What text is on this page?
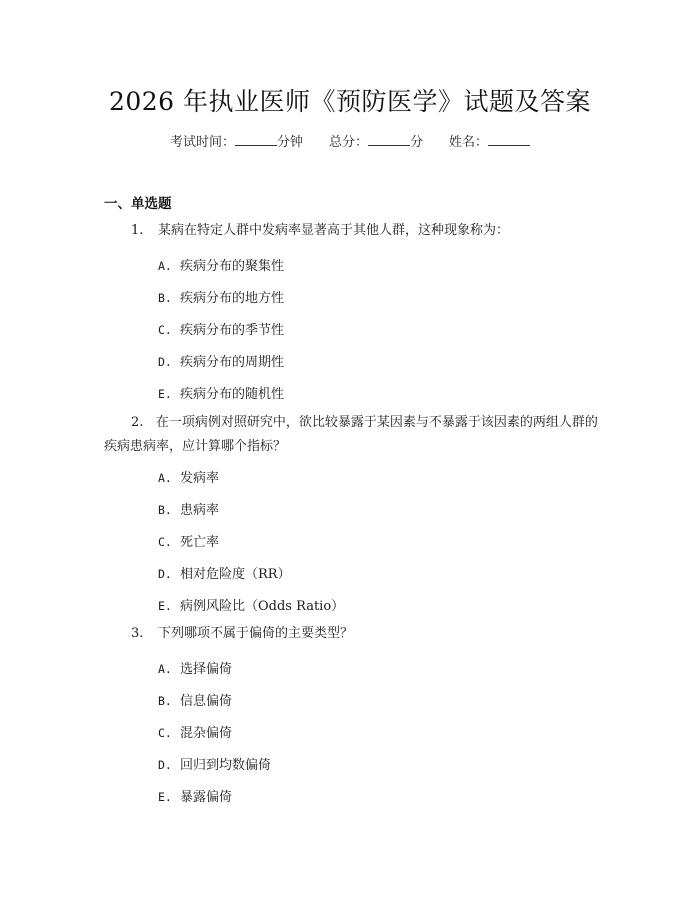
2026 年执业医师《预防医学》试题及答案
考试时间：	分钟 总分：	分 姓名：
一、单选题
1. 某病在特定人群中发病率显著高于其他人群，这种现象称为：
A. 疾病分布的聚集性
B. 疾病分布的地方性
C. 疾病分布的季节性
D. 疾病分布的周期性
E. 疾病分布的随机性
2. 在一项病例对照研究中，欲比较暴露于某因素与不暴露于该因素的两组人群的疾病患病率，应计算哪个指标？
A. 发病率
B. 患病率
C. 死亡率
D. 相对危险度（RR）
E. 病例风险比（Odds Ratio）
3. 下列哪项不属于偏倚的主要类型？
A. 选择偏倚
B. 信息偏倚
C. 混杂偏倚
D. 回归到均数偏倚
E. 暴露偏倚
